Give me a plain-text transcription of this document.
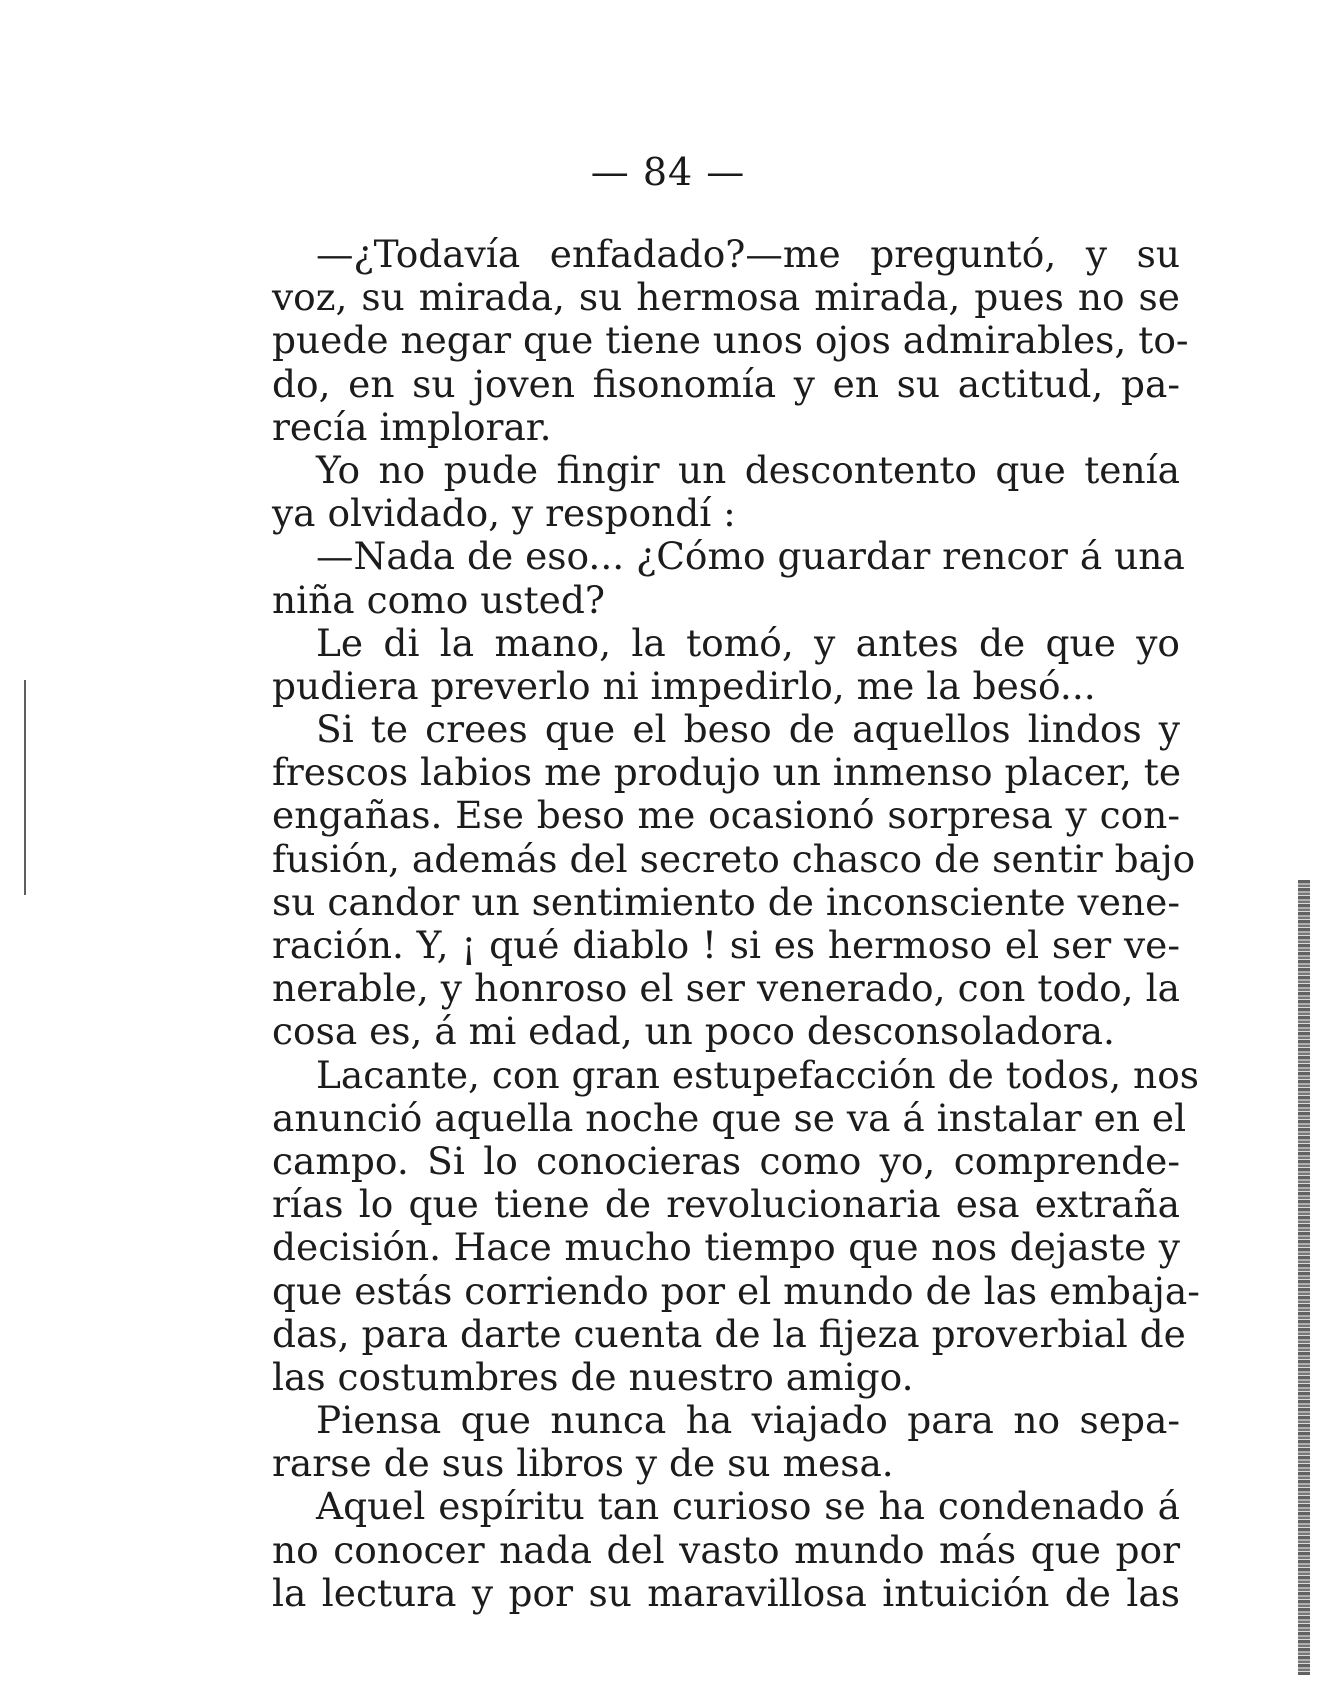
— 84 —
—¿Todavía enfadado?—me preguntó, y su
voz, su mirada, su hermosa mirada, pues no se
puede negar que tiene unos ojos admirables, to-
do, en su joven fisonomía y en su actitud, pa-
recía implorar.
Yo no pude fingir un descontento que tenía
ya olvidado, y respondí :
—Nada de eso... ¿Cómo guardar rencor á una
niña como usted?
Le di la mano, la tomó, y antes de que yo
pudiera preverlo ni impedirlo, me la besó...
Si te crees que el beso de aquellos lindos y
frescos labios me produjo un inmenso placer, te
engañas. Ese beso me ocasionó sorpresa y con-
fusión, además del secreto chasco de sentir bajo
su candor un sentimiento de inconsciente vene-
ración. Y, ¡ qué diablo ! si es hermoso el ser ve-
nerable, y honroso el ser venerado, con todo, la
cosa es, á mi edad, un poco desconsoladora.
Lacante, con gran estupefacción de todos, nos
anunció aquella noche que se va á instalar en el
campo. Si lo conocieras como yo, comprende-
rías lo que tiene de revolucionaria esa extraña
decisión. Hace mucho tiempo que nos dejaste y
que estás corriendo por el mundo de las embaja-
das, para darte cuenta de la fijeza proverbial de
las costumbres de nuestro amigo.
Piensa que nunca ha viajado para no sepa-
rarse de sus libros y de su mesa.
Aquel espíritu tan curioso se ha condenado á
no conocer nada del vasto mundo más que por
la lectura y por su maravillosa intuición de las
